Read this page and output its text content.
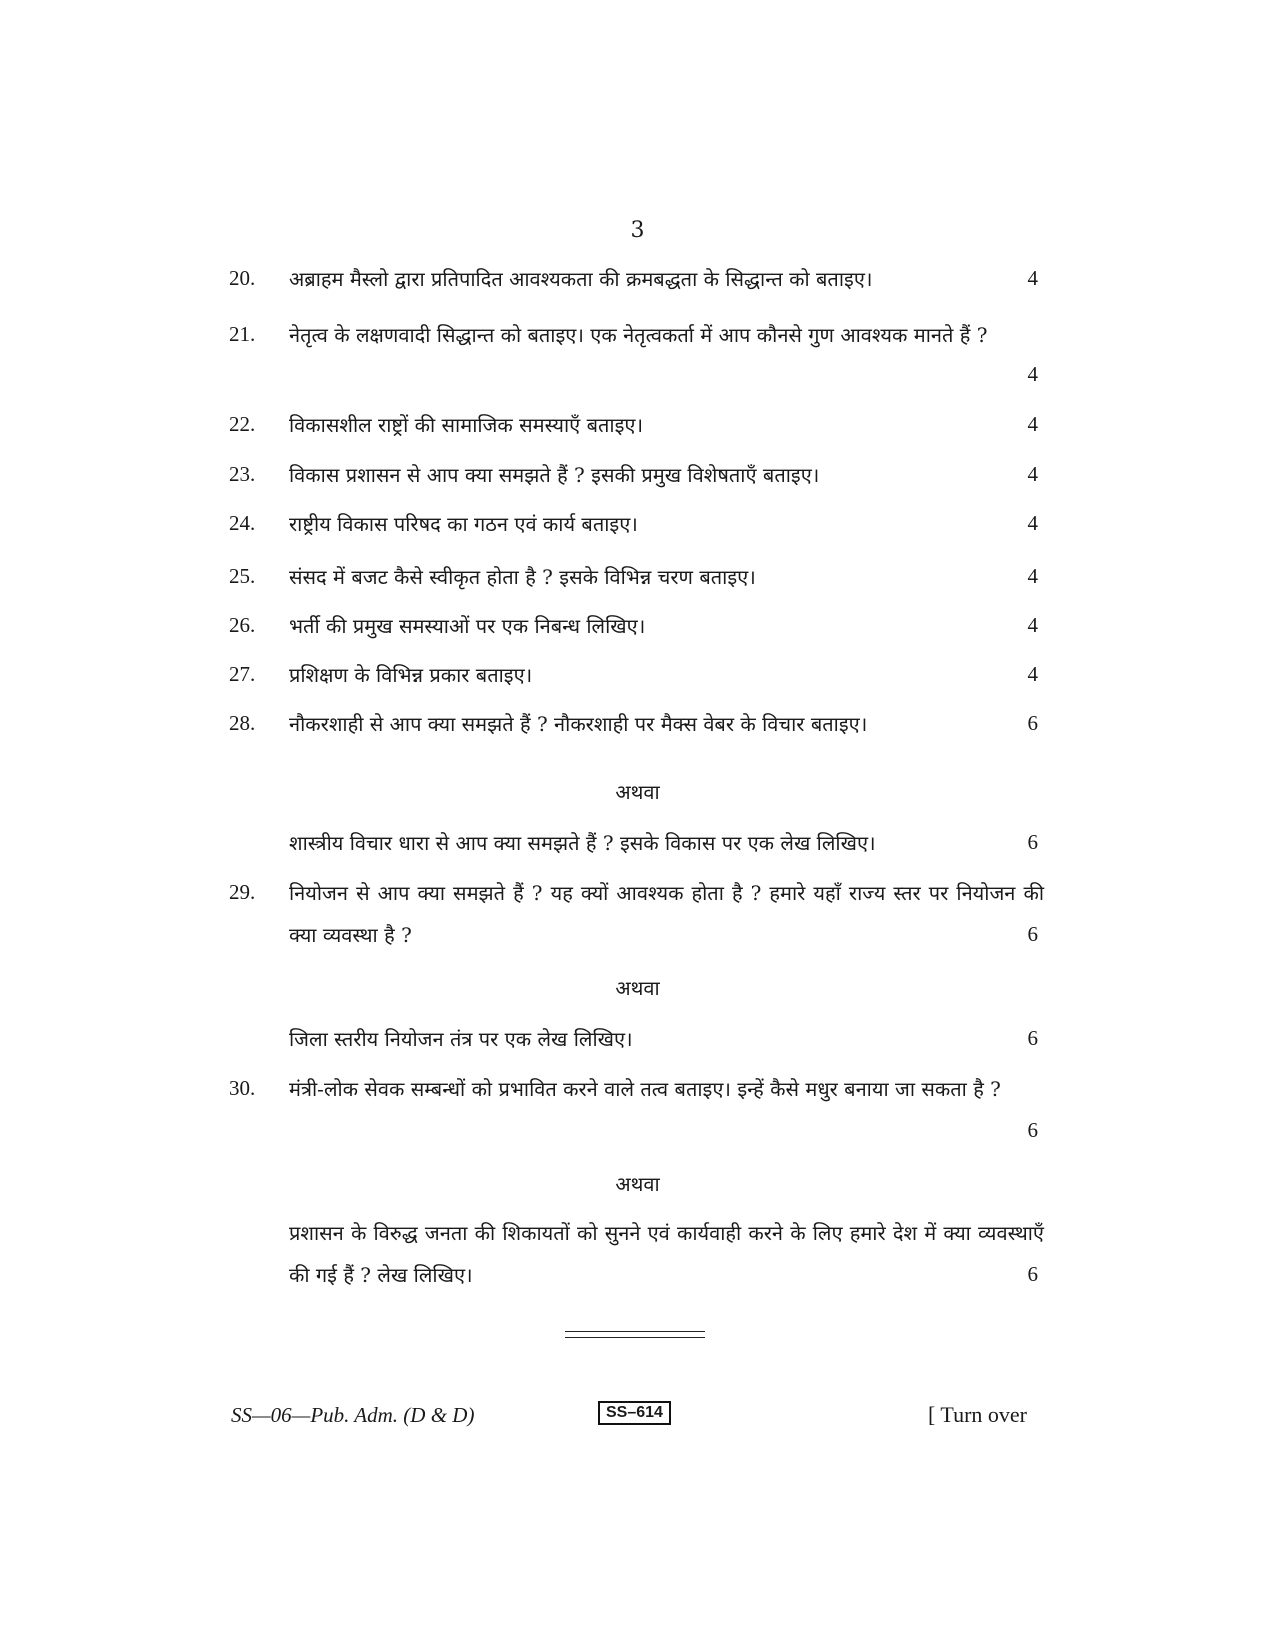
3
20. अब्राहम मैस्लो द्वारा प्रतिपादित आवश्यकता की क्रमबद्धता के सिद्धान्त को बताइए।	4
21. नेतृत्व के लक्षणवादी सिद्धान्त को बताइए। एक नेतृत्वकर्ता में आप कौनसे गुण आवश्यक मानते हैं ?
4
22. विकासशील राष्ट्रों की सामाजिक समस्याएँ बताइए।	4
23. विकास प्रशासन से आप क्या समझते हैं ? इसकी प्रमुख विशेषताएँ बताइए।	4
24. राष्ट्रीय विकास परिषद का गठन एवं कार्य बताइए।	4
25. संसद में बजट कैसे स्वीकृत होता है ? इसके विभिन्न चरण बताइए।	4
26. भर्ती की प्रमुख समस्याओं पर एक निबन्ध लिखिए।	4
27. प्रशिक्षण के विभिन्न प्रकार बताइए।	4
28. नौकरशाही से आप क्या समझते हैं ? नौकरशाही पर मैक्स वेबर के विचार बताइए।	6
अथवा
शास्त्रीय विचार धारा से आप क्या समझते हैं ? इसके विकास पर एक लेख लिखिए।	6
29. नियोजन से आप क्या समझते हैं ? यह क्यों आवश्यक होता है ? हमारे यहाँ राज्य स्तर पर नियोजन की क्या व्यवस्था है ?	6
अथवा
जिला स्तरीय नियोजन तंत्र पर एक लेख लिखिए।	6
30. मंत्री-लोक सेवक सम्बन्धों को प्रभावित करने वाले तत्व बताइए। इन्हें कैसे मधुर बनाया जा सकता है ?
6
अथवा
प्रशासन के विरुद्ध जनता की शिकायतों को सुनने एवं कार्यवाही करने के लिए हमारे देश में क्या व्यवस्थाएँ की गई हैं ? लेख लिखिए।	6
SS—06—Pub. Adm. (D & D)	SS–614	[ Turn over
